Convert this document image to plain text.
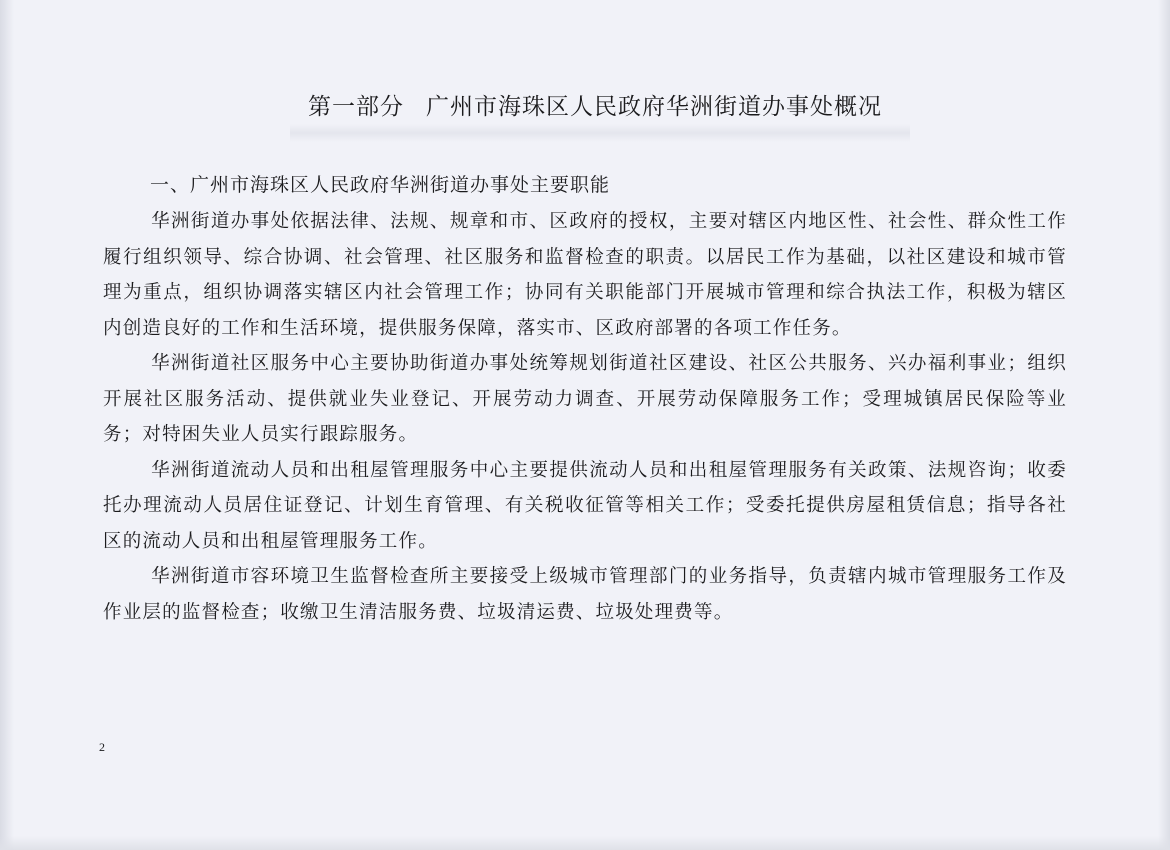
第一部分 广州市海珠区人民政府华洲街道办事处概况
一、广州市海珠区人民政府华洲街道办事处主要职能

华洲街道办事处依据法律、法规、规章和市、区政府的授权，主要对辖区内地区性、社会性、群众性工作履行组织领导、综合协调、社会管理、社区服务和监督检查的职责。以居民工作为基础，以社区建设和城市管理为重点，组织协调落实辖区内社会管理工作；协同有关职能部门开展城市管理和综合执法工作，积极为辖区内创造良好的工作和生活环境，提供服务保障，落实市、区政府部署的各项工作任务。

华洲街道社区服务中心主要协助街道办事处统筹规划街道社区建设、社区公共服务、兴办福利事业；组织开展社区服务活动、提供就业失业登记、开展劳动力调查、开展劳动保障服务工作；受理城镇居民保险等业务；对特困失业人员实行跟踪服务。

华洲街道流动人员和出租屋管理服务中心主要提供流动人员和出租屋管理服务有关政策、法规咨询；收委托办理流动人员居住证登记、计划生育管理、有关税收征管等相关工作；受委托提供房屋租赁信息；指导各社区的流动人员和出租屋管理服务工作。

华洲街道市容环境卫生监督检查所主要接受上级城市管理部门的业务指导，负责辖内城市管理服务工作及作业层的监督检查；收缴卫生清洁服务费、垃圾清运费、垃圾处理费等。

2
